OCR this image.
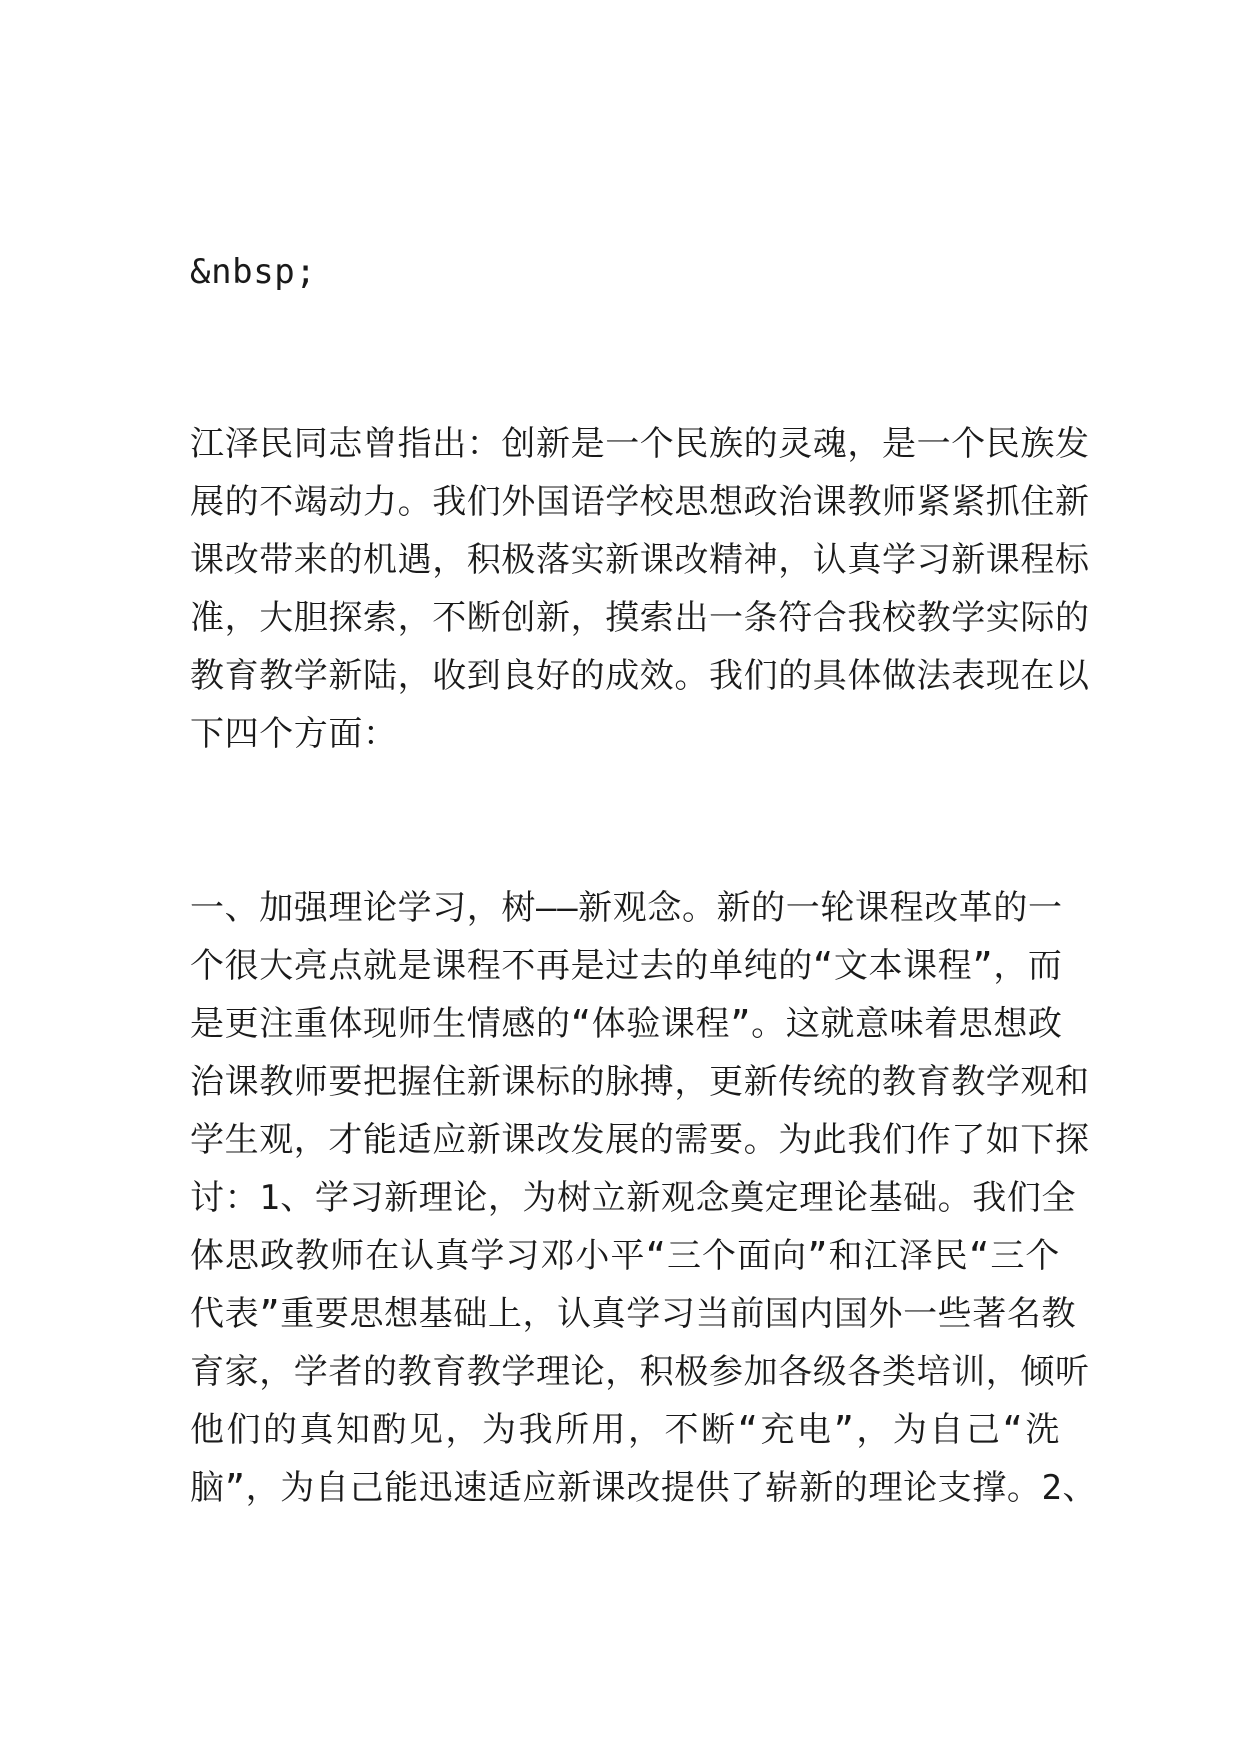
&nbsp;

江泽民同志曾指出：创新是一个民族的灵魂，是一个民族发

展的不竭动力。我们外国语学校思想政治课教师紧紧抓住新

课改带来的机遇，积极落实新课改精神，认真学习新课程标

准，大胆探索，不断创新，摸索出一条符合我校教学实际的

教育教学新陆，收到良好的成效。我们的具体做法表现在以

下四个方面：

一、加强理论学习，树——新观念。新的一轮课程改革的一

个很大亮点就是课程不再是过去的单纯的“文本课程”，而

是更注重体现师生情感的“体验课程”。这就意味着思想政

治课教师要把握住新课标的脉搏，更新传统的教育教学观和

学生观，才能适应新课改发展的需要。为此我们作了如下探

讨：1、学习新理论，为树立新观念奠定理论基础。我们全

体思政教师在认真学习邓小平“三个面向”和江泽民“三个

代表”重要思想基础上，认真学习当前国内国外一些著名教

育家，学者的教育教学理论，积极参加各级各类培训，倾听

他们的真知酌见，为我所用，不断“充电”，为自己“洗

脑”，为自己能迅速适应新课改提供了崭新的理论支撑。2、
